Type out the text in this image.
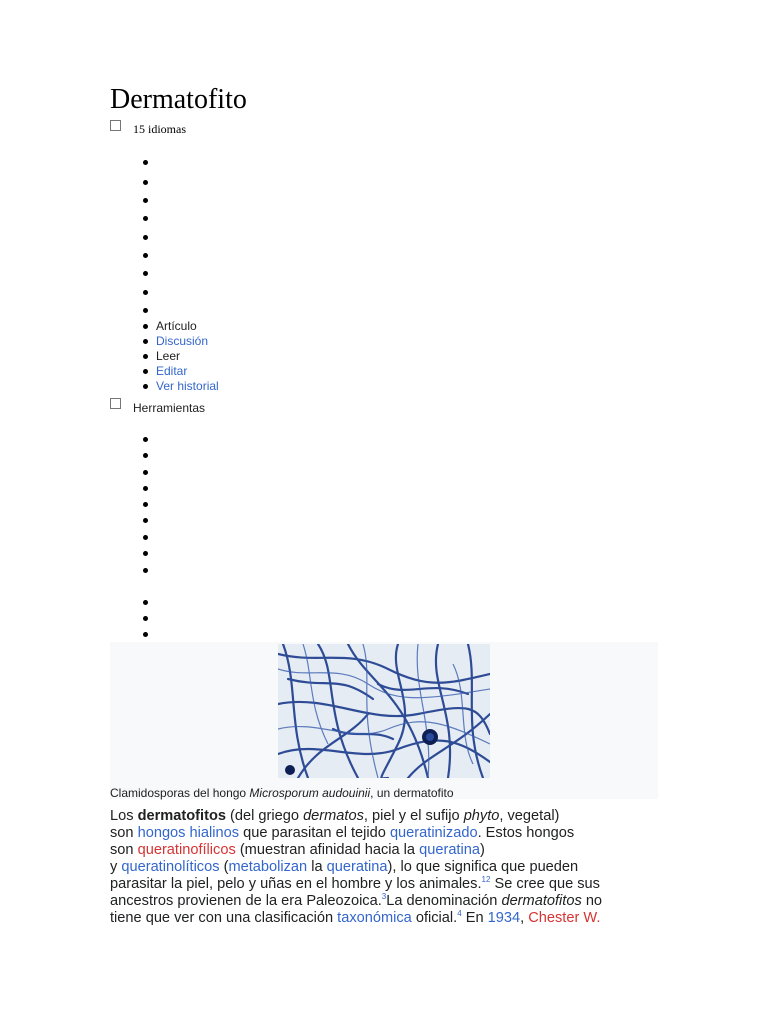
Dermatofito
15 idiomas
Artículo
Discusión
Leer
Editar
Ver historial
Herramientas
Clamidosporas del hongo Microsporum audouinii, un dermatofito
Los dermatofitos (del griego dermatos, piel y el sufijo phyto, vegetal)
son hongos hialinos que parasitan el tejido queratinizado. Estos hongos
son queratinofílicos (muestran afinidad hacia la queratina)
y queratinolíticos (metabolizan la queratina), lo que significa que pueden
parasitar la piel, pelo y uñas en el hombre y los animales.$^{12}$ Se cree que sus
ancestros provienen de la era Paleozoica.$^3$La denominación dermatofitos no
tiene que ver con una clasificación taxonómica oficial.$^4$ En 1934, Chester W.
